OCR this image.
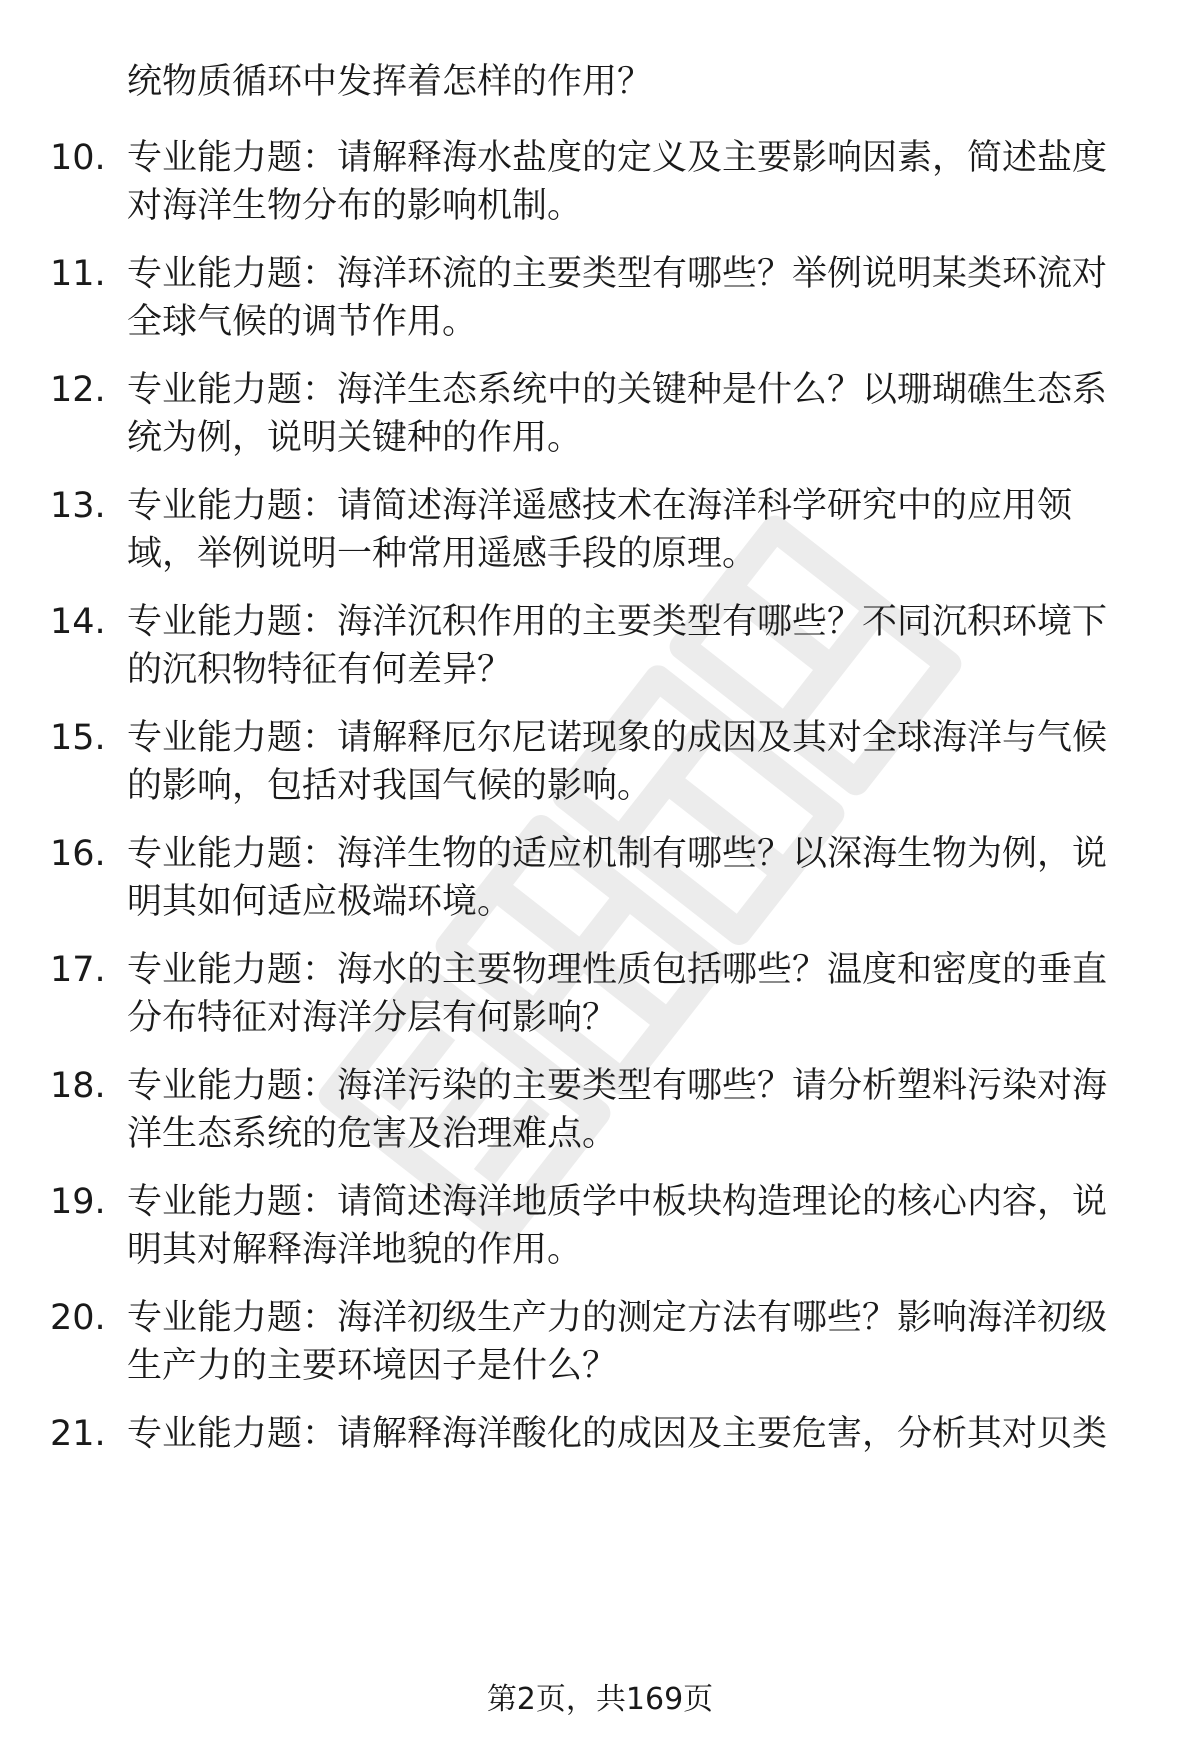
统物质循环中发挥着怎样的作用？
10. 专业能力题：请解释海水盐度的定义及主要影响因素，简述盐度
对海洋生物分布的影响机制。
11. 专业能力题：海洋环流的主要类型有哪些？举例说明某类环流对
全球气候的调节作用。
12. 专业能力题：海洋生态系统中的关键种是什么？以珊瑚礁生态系
统为例，说明关键种的作用。
13. 专业能力题：请简述海洋遥感技术在海洋科学研究中的应用领
域，举例说明一种常用遥感手段的原理。
14. 专业能力题：海洋沉积作用的主要类型有哪些？不同沉积环境下
的沉积物特征有何差异？
15. 专业能力题：请解释厄尔尼诺现象的成因及其对全球海洋与气候
的影响，包括对我国气候的影响。
16. 专业能力题：海洋生物的适应机制有哪些？以深海生物为例，说
明其如何适应极端环境。
17. 专业能力题：海水的主要物理性质包括哪些？温度和密度的垂直
分布特征对海洋分层有何影响？
18. 专业能力题：海洋污染的主要类型有哪些？请分析塑料污染对海
洋生态系统的危害及治理难点。
19. 专业能力题：请简述海洋地质学中板块构造理论的核心内容，说
明其对解释海洋地貌的作用。
20. 专业能力题：海洋初级生产力的测定方法有哪些？影响海洋初级
生产力的主要环境因子是什么？
21. 专业能力题：请解释海洋酸化的成因及主要危害，分析其对贝类
第2页，共169页
